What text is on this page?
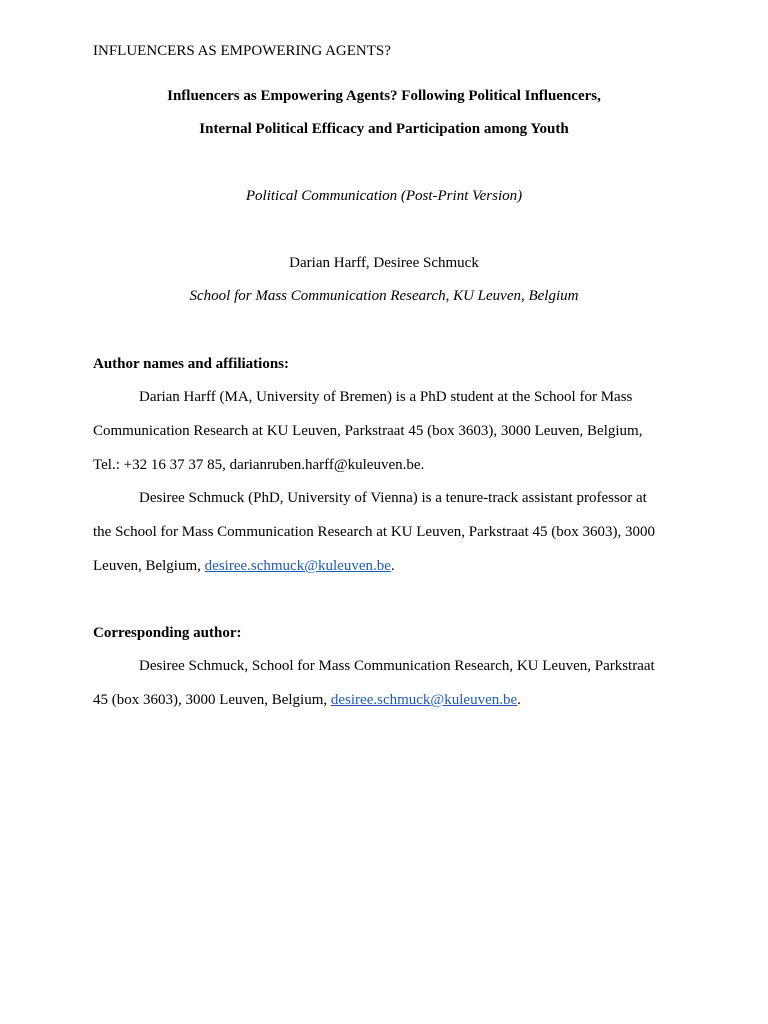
INFLUENCERS AS EMPOWERING AGENTS?
Influencers as Empowering Agents? Following Political Influencers,
Internal Political Efficacy and Participation among Youth
Political Communication (Post-Print Version)
Darian Harff, Desiree Schmuck
School for Mass Communication Research, KU Leuven, Belgium
Author names and affiliations:
Darian Harff (MA, University of Bremen) is a PhD student at the School for Mass
Communication Research at KU Leuven, Parkstraat 45 (box 3603), 3000 Leuven, Belgium,
Tel.: +32 16 37 37 85, darianruben.harff@kuleuven.be.
Desiree Schmuck (PhD, University of Vienna) is a tenure-track assistant professor at
the School for Mass Communication Research at KU Leuven, Parkstraat 45 (box 3603), 3000
Leuven, Belgium, desiree.schmuck@kuleuven.be.
Corresponding author:
Desiree Schmuck, School for Mass Communication Research, KU Leuven, Parkstraat
45 (box 3603), 3000 Leuven, Belgium, desiree.schmuck@kuleuven.be.
